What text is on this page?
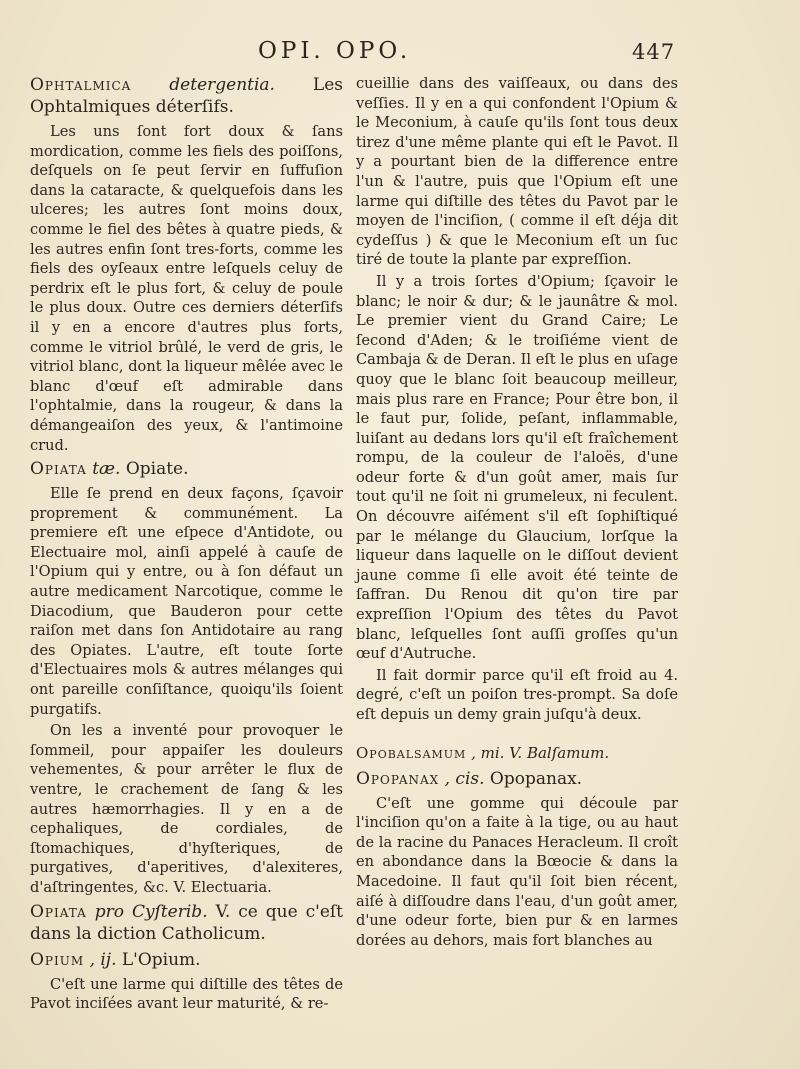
OPI. OPO.	447
Ophtalmica detergentia. Les Ophtalmiques déterſifs.

Les uns ſont fort doux & ſans mordication, comme les fiels des poiſſons, deſquels on ſe peut ſervir en ſuffuſion dans la cataracte, & quelquefois dans les ulceres; les autres ſont moins doux, comme le fiel des bêtes à quatre pieds, & les autres enfin ſont tres-forts, comme les fiels des oyſeaux entre leſquels celuy de perdrix eſt le plus fort, & celuy de poule le plus doux. Outre ces derniers déterſifs il y en a encore d'autres plus forts, comme le vitriol brûlé, le verd de gris, le vitriol blanc, dont la liqueur mêlée avec le blanc d'œuf eſt admirable dans l'ophtalmie, dans la rougeur, & dans la démangeaiſon des yeux, & l'antimoine crud.

Opiata tæ. Opiate.

Elle ſe prend en deux façons, ſçavoir proprement & communément. La premiere eſt une eſpece d'Antidote, ou Electuaire mol, ainſi appelé à cauſe de l'Opium qui y entre, ou à ſon défaut un autre medicament Narcotique, comme le Diacodium, que Bauderon pour cette raiſon met dans ſon Antidotaire au rang des Opiates. L'autre, eſt toute ſorte d'Electuaires mols & autres mélanges qui ont pareille conſiſtance, quoiqu'ils ſoient purgatifs.

On les a inventé pour provoquer le ſommeil, pour appaiſer les douleurs vehementes, & pour arrêter le flux de ventre, le crachement de ſang & les autres hæmorrhagies. Il y en a de cephaliques, de cordiales, de ſtomachiques, d'hyſteriques, de purgatives, d'aperitives, d'alexiteres, d'aſtringentes, &c. V. Electuaria.

Opiata pro Cyſterib. V. ce que c'eſt dans la diction Catholicum.
Opium , ij. L'Opium.

C'eſt une larme qui diſtille des têtes de Pavot inciſées avant leur maturité, & re-

cueillie dans des vaiſſeaux, ou dans des veſſies. Il y en a qui confondent l'Opium & le Meconium, à cauſe qu'ils ſont tous deux tirez d'une même plante qui eſt le Pavot. Il y a pourtant bien de la difference entre l'un & l'autre, puis que l'Opium eſt une larme qui diſtille des têtes du Pavot par le moyen de l'inciſion, ( comme il eſt déja dit cydeſſus ) & que le Meconium eſt un ſuc tiré de toute la plante par expreſſion.

Il y a trois ſortes d'Opium; ſçavoir le blanc; le noir & dur; & le jaunâtre & mol. Le premier vient du Grand Caire; Le ſecond d'Aden; & le troiſiéme vient de Cambaja & de Deran. Il eſt le plus en uſage quoy que le blanc ſoit beaucoup meilleur, mais plus rare en France; Pour être bon, il le faut pur, ſolide, peſant, inflammable, luiſant au dedans lors qu'il eſt fraîchement rompu, de la couleur de l'aloës, d'une odeur forte & d'un goût amer, mais ſur tout qu'il ne ſoit ni grumeleux, ni feculent. On découvre aiſément s'il eſt ſophiſtiqué par le mélange du Glaucium, lorſque la liqueur dans laquelle on le diſſout devient jaune comme ſi elle avoit été teinte de ſaffran. Du Renou dit qu'on tire par expreſſion l'Opium des têtes du Pavot blanc, leſquelles ſont auſſi groſſes qu'un œuf d'Autruche.

Il fait dormir parce qu'il eſt froid au 4. degré, c'eſt un poiſon tres-prompt. Sa doſe eſt depuis un demy grain juſqu'à deux.

Opobalsamum , mi. V. Balſamum.
Opopanax , cis. Opopanax.

C'eſt une gomme qui découle par l'inciſion qu'on a faite à la tige, ou au haut de la racine du Panaces Heracleum. Il croît en abondance dans la Bœocie & dans la Macedoine. Il faut qu'il ſoit bien récent, aiſé à diſſoudre dans l'eau, d'un goût amer, d'une odeur forte, bien pur & en larmes dorées au dehors, mais fort blanches au
